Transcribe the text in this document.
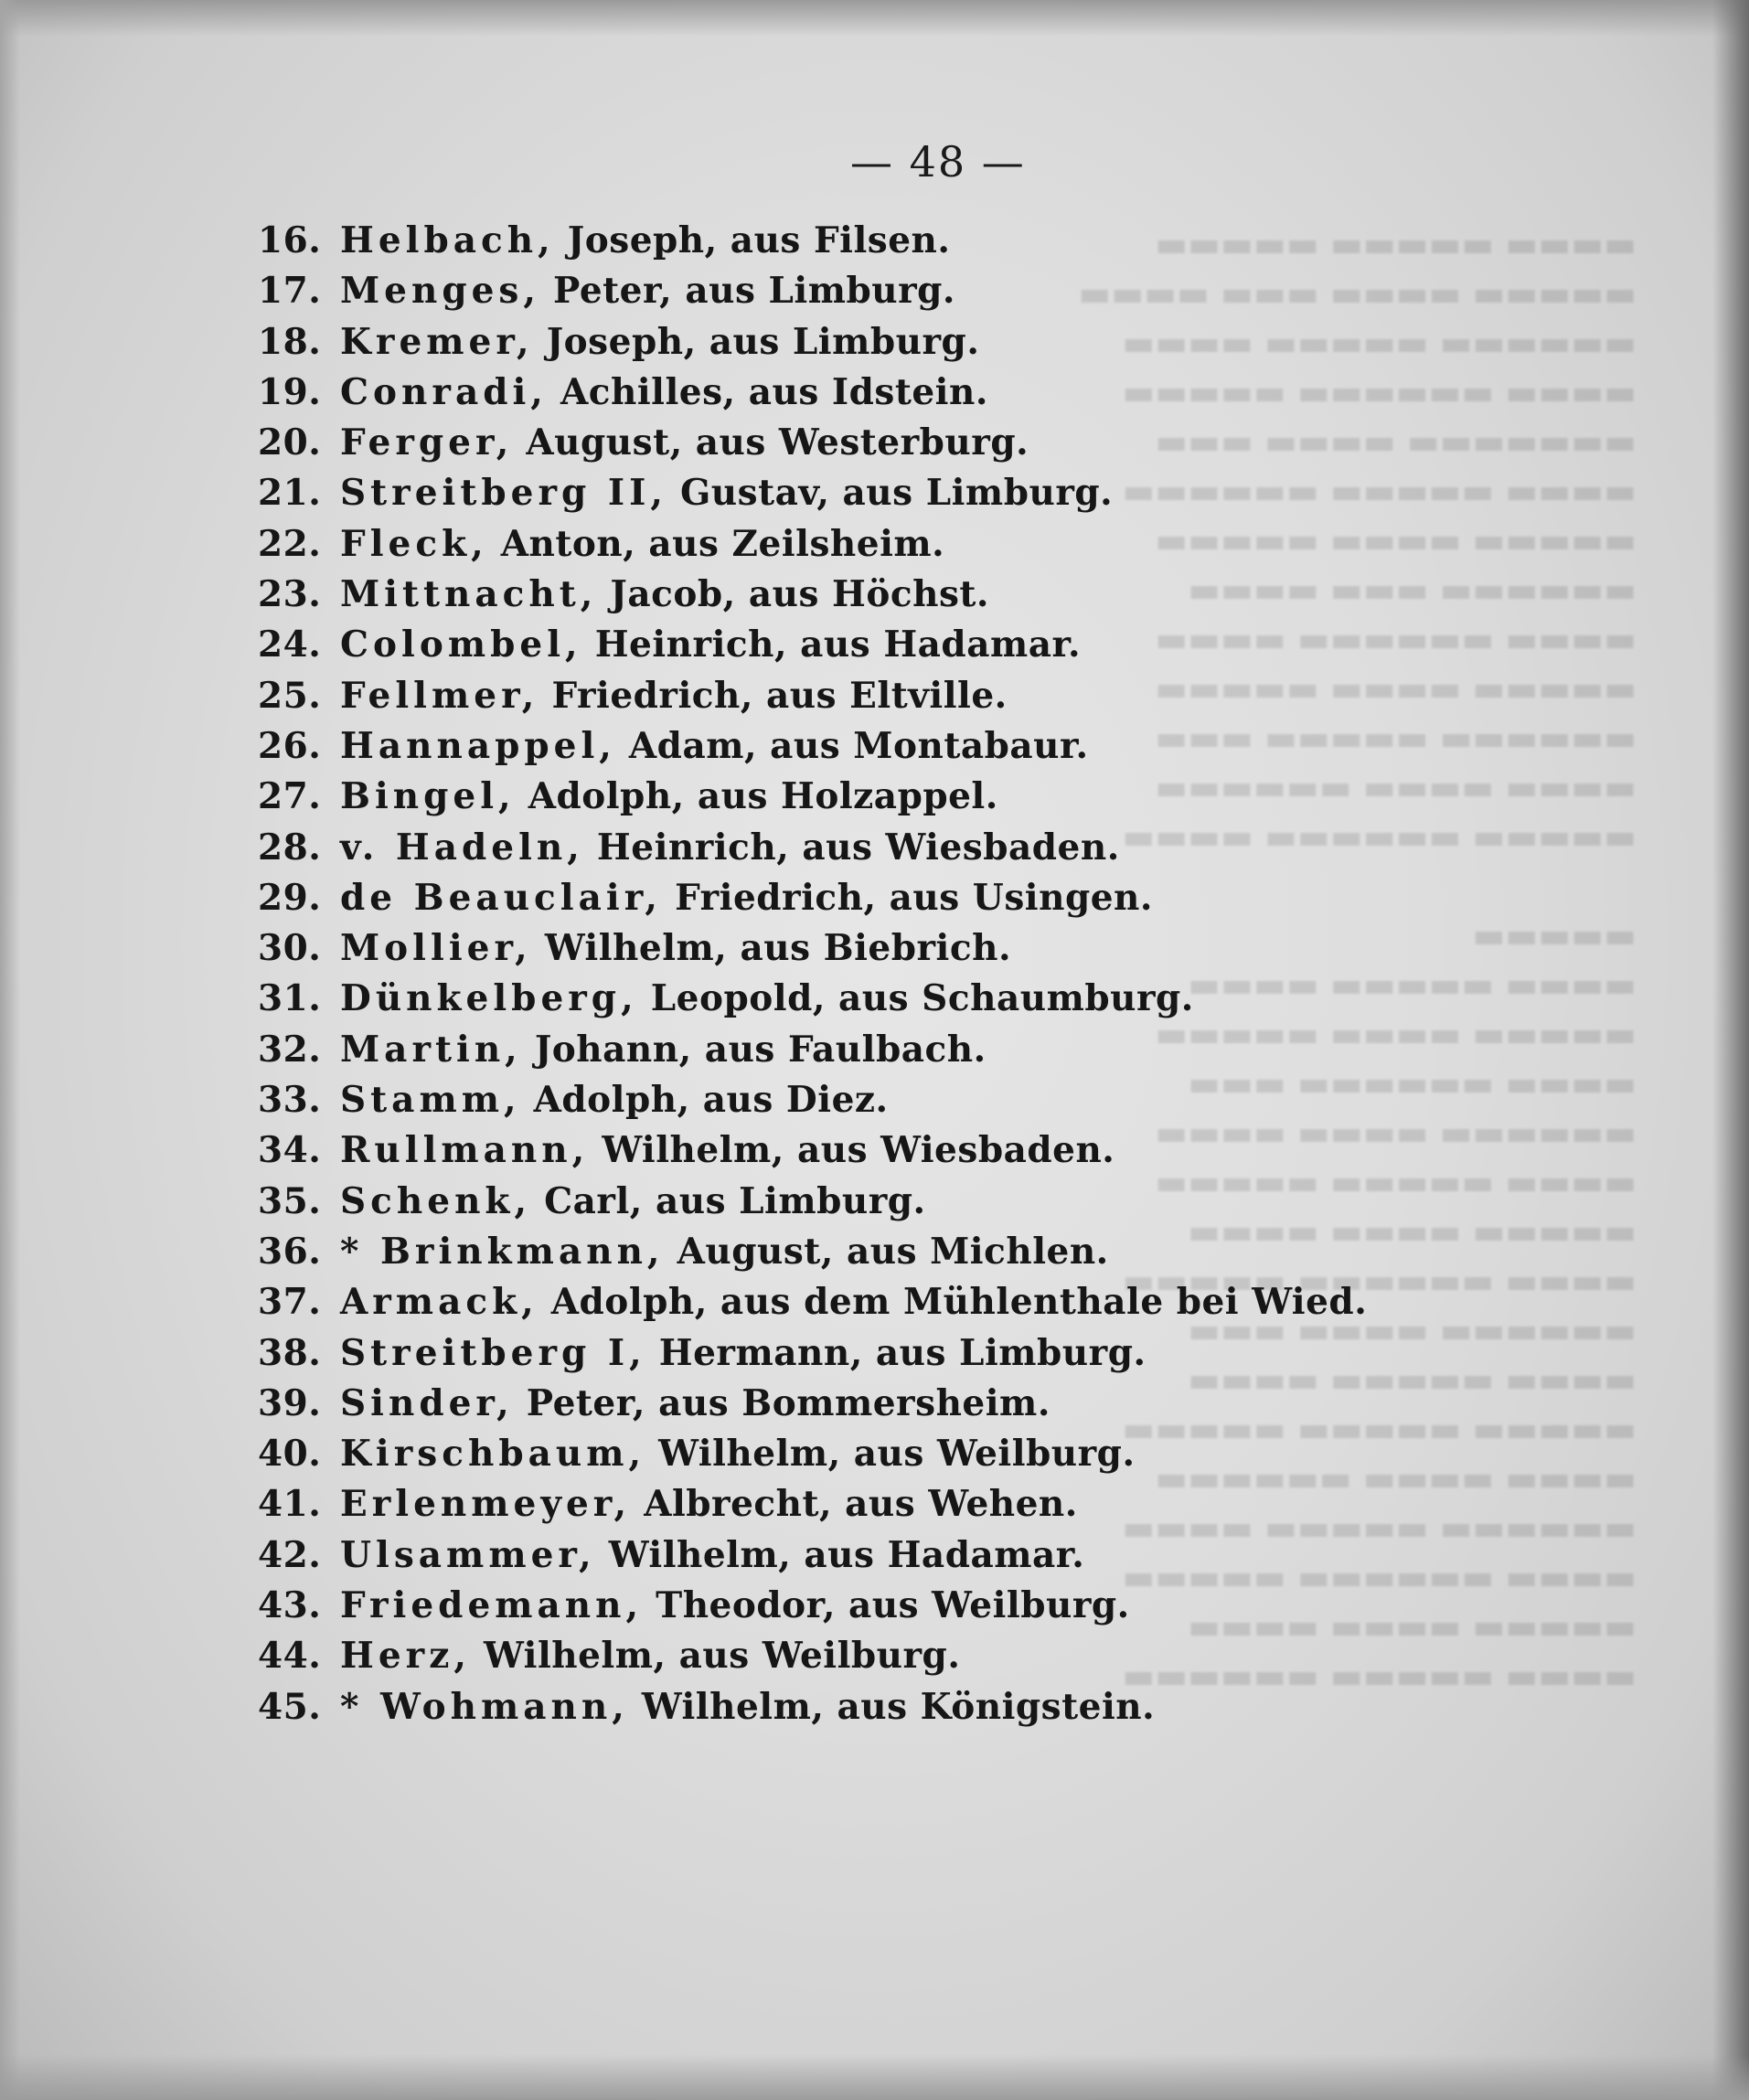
▬▬▬▬ ▬▬▬▬▬ ▬▬▬▬▬
▬▬▬▬▬ ▬▬▬▬ ▬▬▬ ▬▬▬▬
▬▬▬▬▬▬ ▬▬▬▬▬ ▬▬▬▬
▬▬▬▬ ▬▬▬▬▬▬ ▬▬▬▬▬
▬▬▬▬▬▬▬ ▬▬▬▬ ▬▬▬
▬▬▬▬ ▬▬▬▬▬ ▬▬▬▬▬▬
▬▬▬▬▬ ▬▬▬▬ ▬▬▬▬▬
▬▬▬▬▬▬ ▬▬▬ ▬▬▬▬
▬▬▬▬ ▬▬▬▬▬▬ ▬▬▬▬
▬▬▬▬▬ ▬▬▬▬ ▬▬▬▬▬
▬▬▬▬▬▬ ▬▬▬▬▬ ▬▬▬
▬▬▬▬ ▬▬▬▬ ▬▬▬▬▬▬
▬▬▬▬▬ ▬▬▬▬▬▬ ▬▬▬▬

▬▬▬▬▬
▬▬▬▬ ▬▬▬▬▬ ▬▬▬▬
▬▬▬▬▬ ▬▬▬▬ ▬▬▬▬▬
▬▬▬▬ ▬▬▬▬▬▬ ▬▬▬
▬▬▬▬▬▬ ▬▬▬▬ ▬▬▬▬
▬▬▬▬ ▬▬▬▬▬ ▬▬▬▬▬
▬▬▬▬▬ ▬▬▬▬ ▬▬▬▬
▬▬▬▬ ▬▬▬▬▬▬ ▬▬▬▬▬
▬▬▬▬▬▬ ▬▬▬▬ ▬▬▬
▬▬▬▬ ▬▬▬▬▬ ▬▬▬▬
▬▬▬▬▬ ▬▬▬▬▬ ▬▬▬▬▬
▬▬▬▬ ▬▬▬▬ ▬▬▬▬▬▬
▬▬▬▬▬▬ ▬▬▬▬▬ ▬▬▬▬
▬▬▬▬ ▬▬▬▬▬▬ ▬▬▬▬▬
▬▬▬▬▬ ▬▬▬▬ ▬▬▬▬
▬▬▬▬ ▬▬▬▬▬ ▬▬▬▬▬▬
— 48 —
16. Helbach, Joseph, aus Filsen.
17. Menges, Peter, aus Limburg.
18. Kremer, Joseph, aus Limburg.
19. Conradi, Achilles, aus Idstein.
20. Ferger, August, aus Westerburg.
21. Streitberg II, Gustav, aus Limburg.
22. Fleck, Anton, aus Zeilsheim.
23. Mittnacht, Jacob, aus Höchst.
24. Colombel, Heinrich, aus Hadamar.
25. Fellmer, Friedrich, aus Eltville.
26. Hannappel, Adam, aus Montabaur.
27. Bingel, Adolph, aus Holzappel.
28. v. Hadeln, Heinrich, aus Wiesbaden.
29. de Beauclair, Friedrich, aus Usingen.
30. Mollier, Wilhelm, aus Biebrich.
31. Dünkelberg, Leopold, aus Schaumburg.
32. Martin, Johann, aus Faulbach.
33. Stamm, Adolph, aus Diez.
34. Rullmann, Wilhelm, aus Wiesbaden.
35. Schenk, Carl, aus Limburg.
36. * Brinkmann, August, aus Michlen.
37. Armack, Adolph, aus dem Mühlenthale bei Wied.
38. Streitberg I, Hermann, aus Limburg.
39. Sinder, Peter, aus Bommersheim.
40. Kirschbaum, Wilhelm, aus Weilburg.
41. Erlenmeyer, Albrecht, aus Wehen.
42. Ulsammer, Wilhelm, aus Hadamar.
43. Friedemann, Theodor, aus Weilburg.
44. Herz, Wilhelm, aus Weilburg.
45. * Wohmann, Wilhelm, aus Königstein.
